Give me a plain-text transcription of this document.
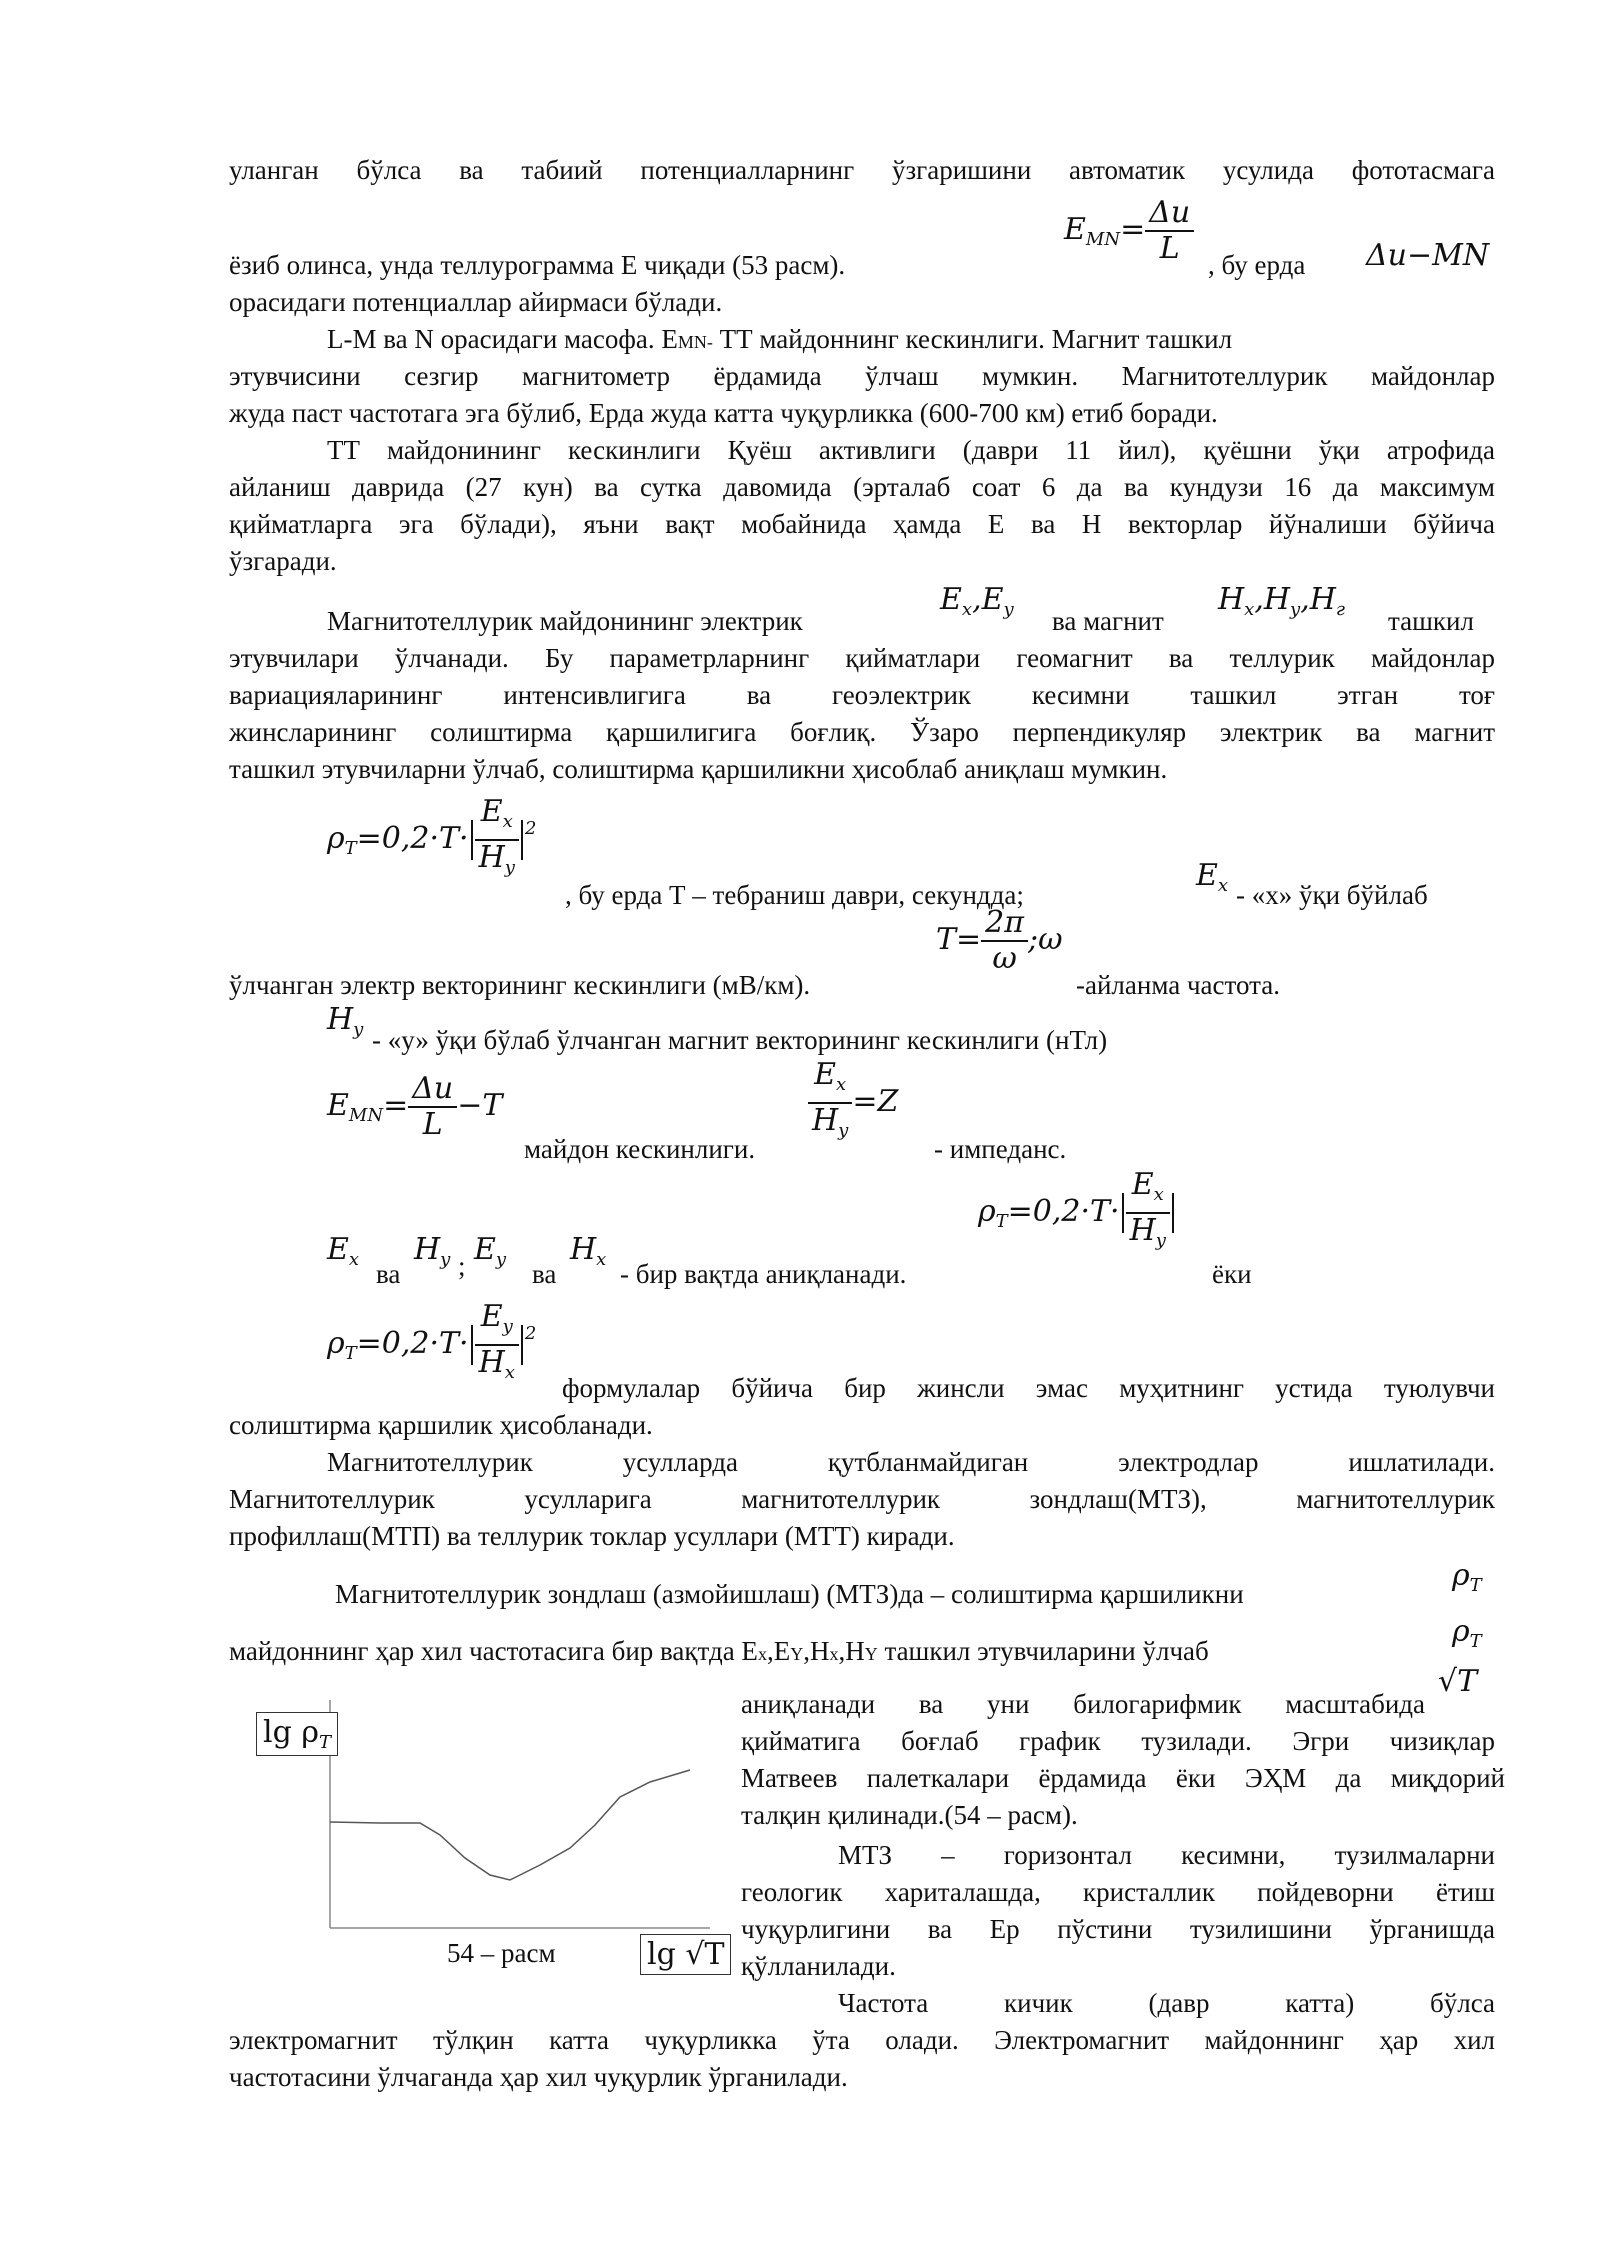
уланган бўлса ва табиий потенциалларнинг ўзгаришини автоматик усулида фототасмага
ёзиб олинса, унда теллурограмма Е чиқади (53 расм).
$E_{MN}= \frac{\Delta u}{L}$ , бу ерда Δu−MN
орасидаги потенциаллар айирмаси бўлади.
L-M ва N орасидаги масофа. EMN- ТТ майдоннинг кескинлиги. Магнит ташкил
этувчисини сезгир магнитометр ёрдамида ўлчаш мумкин. Магнитотеллурик майдонлар
жуда паст частотага эга бўлиб, Ерда жуда катта чуқурликка (600-700 км) етиб боради.
ТТ майдонининг кескинлиги Қуёш активлиги (даври 11 йил), қуёшни ўқи атрофида
айланиш даврида (27 кун) ва сутка давомида (эрталаб соат 6 да ва кундузи 16 да максимум
қийматларга эга бўлади), яъни вақт мобайнида ҳамда Е ва Н векторлар йўналиши бўйича
ўзгаради.
Магнитотеллурик майдонининг электрик
$E_x,E_y$ ва магнит
$H_x,H_y,H_г$ ташкил
этувчилари ўлчанади. Бу параметрларнинг қийматлари геомагнит ва теллурик майдонлар
вариацияларининг интенсивлигига ва геоэлектрик кесимни ташкил этган тоғ
жинсларининг солиштирма қаршилигига боғлиқ. Ўзаро перпендикуляр электрик ва магнит
ташкил этувчиларни ўлчаб, солиштирма қаршиликни ҳисоблаб аниқлаш мумкин.
$\rho_T=0,2\cdot T\cdot \frac{E_x}{H_y} ^2$
, бу ерда Т – тебраниш даври, секундда;
$E_x$ - «х» ўқи бўйлаб
ўлчанган электр векторининг кескинлиги (мВ/км).
$T= \frac{2\pi}{\omega}$ ;ω
-айланма частота.
$H_y$ - «у» ўқи бўлаб ўлчанган магнит векторининг кескинлиги (нТл)
$E_{MN}= \frac{\Delta u}{L} -T$
майдон кескинлиги.
$\frac{E_x}{H_y} =Z$
- импеданс.
$\rho_T=0,2\cdot T\cdot \frac{E_x}{H_y}$
$E_x$ ва
$H_y$ ; $E_y$ ва
$H_x$ - бир вақтда аниқланади.	ёки
$\rho_T=0,2\cdot T\cdot \frac{E_y}{H_x} ^2$
формулалар бўйича бир жинсли эмас муҳитнинг устида туюлувчи
солиштирма қаршилик ҳисобланади.
Магнитотеллурик усулларда қутбланмайдиган электродлар ишлатилади.
Магнитотеллурик усулларига магнитотеллурик зондлаш(МТЗ), магнитотеллурик
профиллаш(МТП) ва теллурик токлар усуллари (МТТ) киради.
Магнитотеллурик зондлаш (азмойишлаш) (МТЗ)да – солиштирма қаршиликни
$\rho_T$
майдоннинг ҳар хил частотасига бир вақтда Ex,EY,Hx,HY ташкил этувчиларини ўлчаб
$\rho_T$
аниқланади ва уни билогарифмик масштабида
√T
қийматига боғлаб график тузилади. Эгри чизиқлар
Матвеев палеткалари ёрдамида ёки ЭҲМ да миқдорий
талқин қилинади.(54 – расм).
МТЗ – горизонтал кесимни, тузилмаларни
геологик хариталашда, кристаллик пойдеворни ётиш
чуқурлигини ва Ер пўстини тузилишини ўрганишда
қўлланилади.
Частота кичик (давр катта) бўлса
электромагнит тўлқин катта чуқурликка ўта олади. Электромагнит майдоннинг ҳар хил
частотасини ўлчаганда ҳар хил чуқурлик ўрганилади.
$\lg \rho_T$
lg √T
54 – расм
